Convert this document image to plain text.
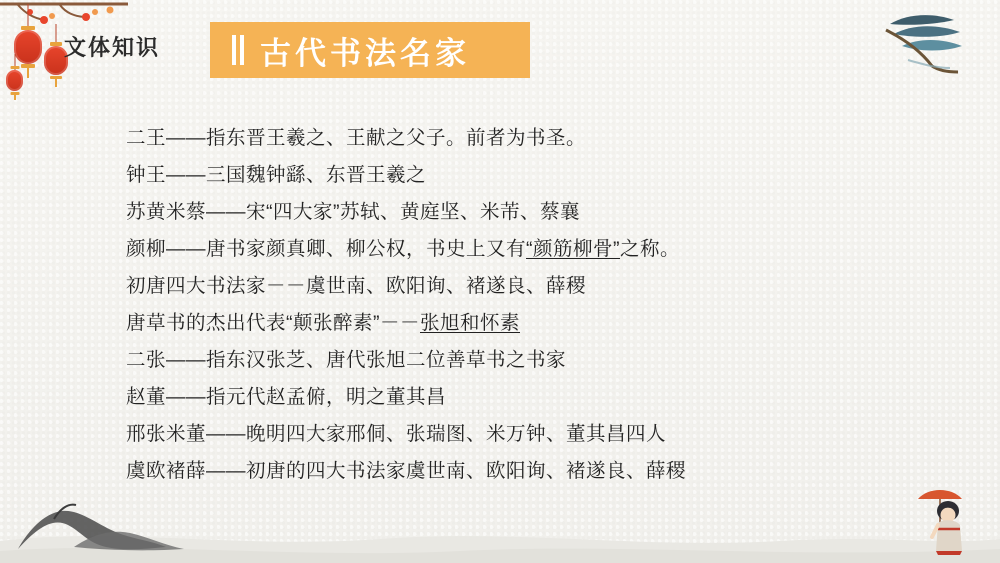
文体知识	古代书法名家
二王——指东晋王羲之、王献之父子。前者为书圣。
钟王——三国魏钟繇、东晋王羲之
苏黄米蔡——宋“四大家”苏轼、黄庭坚、米芾、蔡襄
颜柳——唐书家颜真卿、柳公权，书史上又有“颜筋柳骨”之称。
初唐四大书法家－－虞世南、欧阳询、褚遂良、薛稷
唐草书的杰出代表“颠张醉素”－－张旭和怀素
二张——指东汉张芝、唐代张旭二位善草书之书家
赵董——指元代赵孟俯，明之董其昌
邢张米董——晚明四大家邢侗、张瑞图、米万钟、董其昌四人
虞欧褚薛——初唐的四大书法家虞世南、欧阳询、褚遂良、薛稷
